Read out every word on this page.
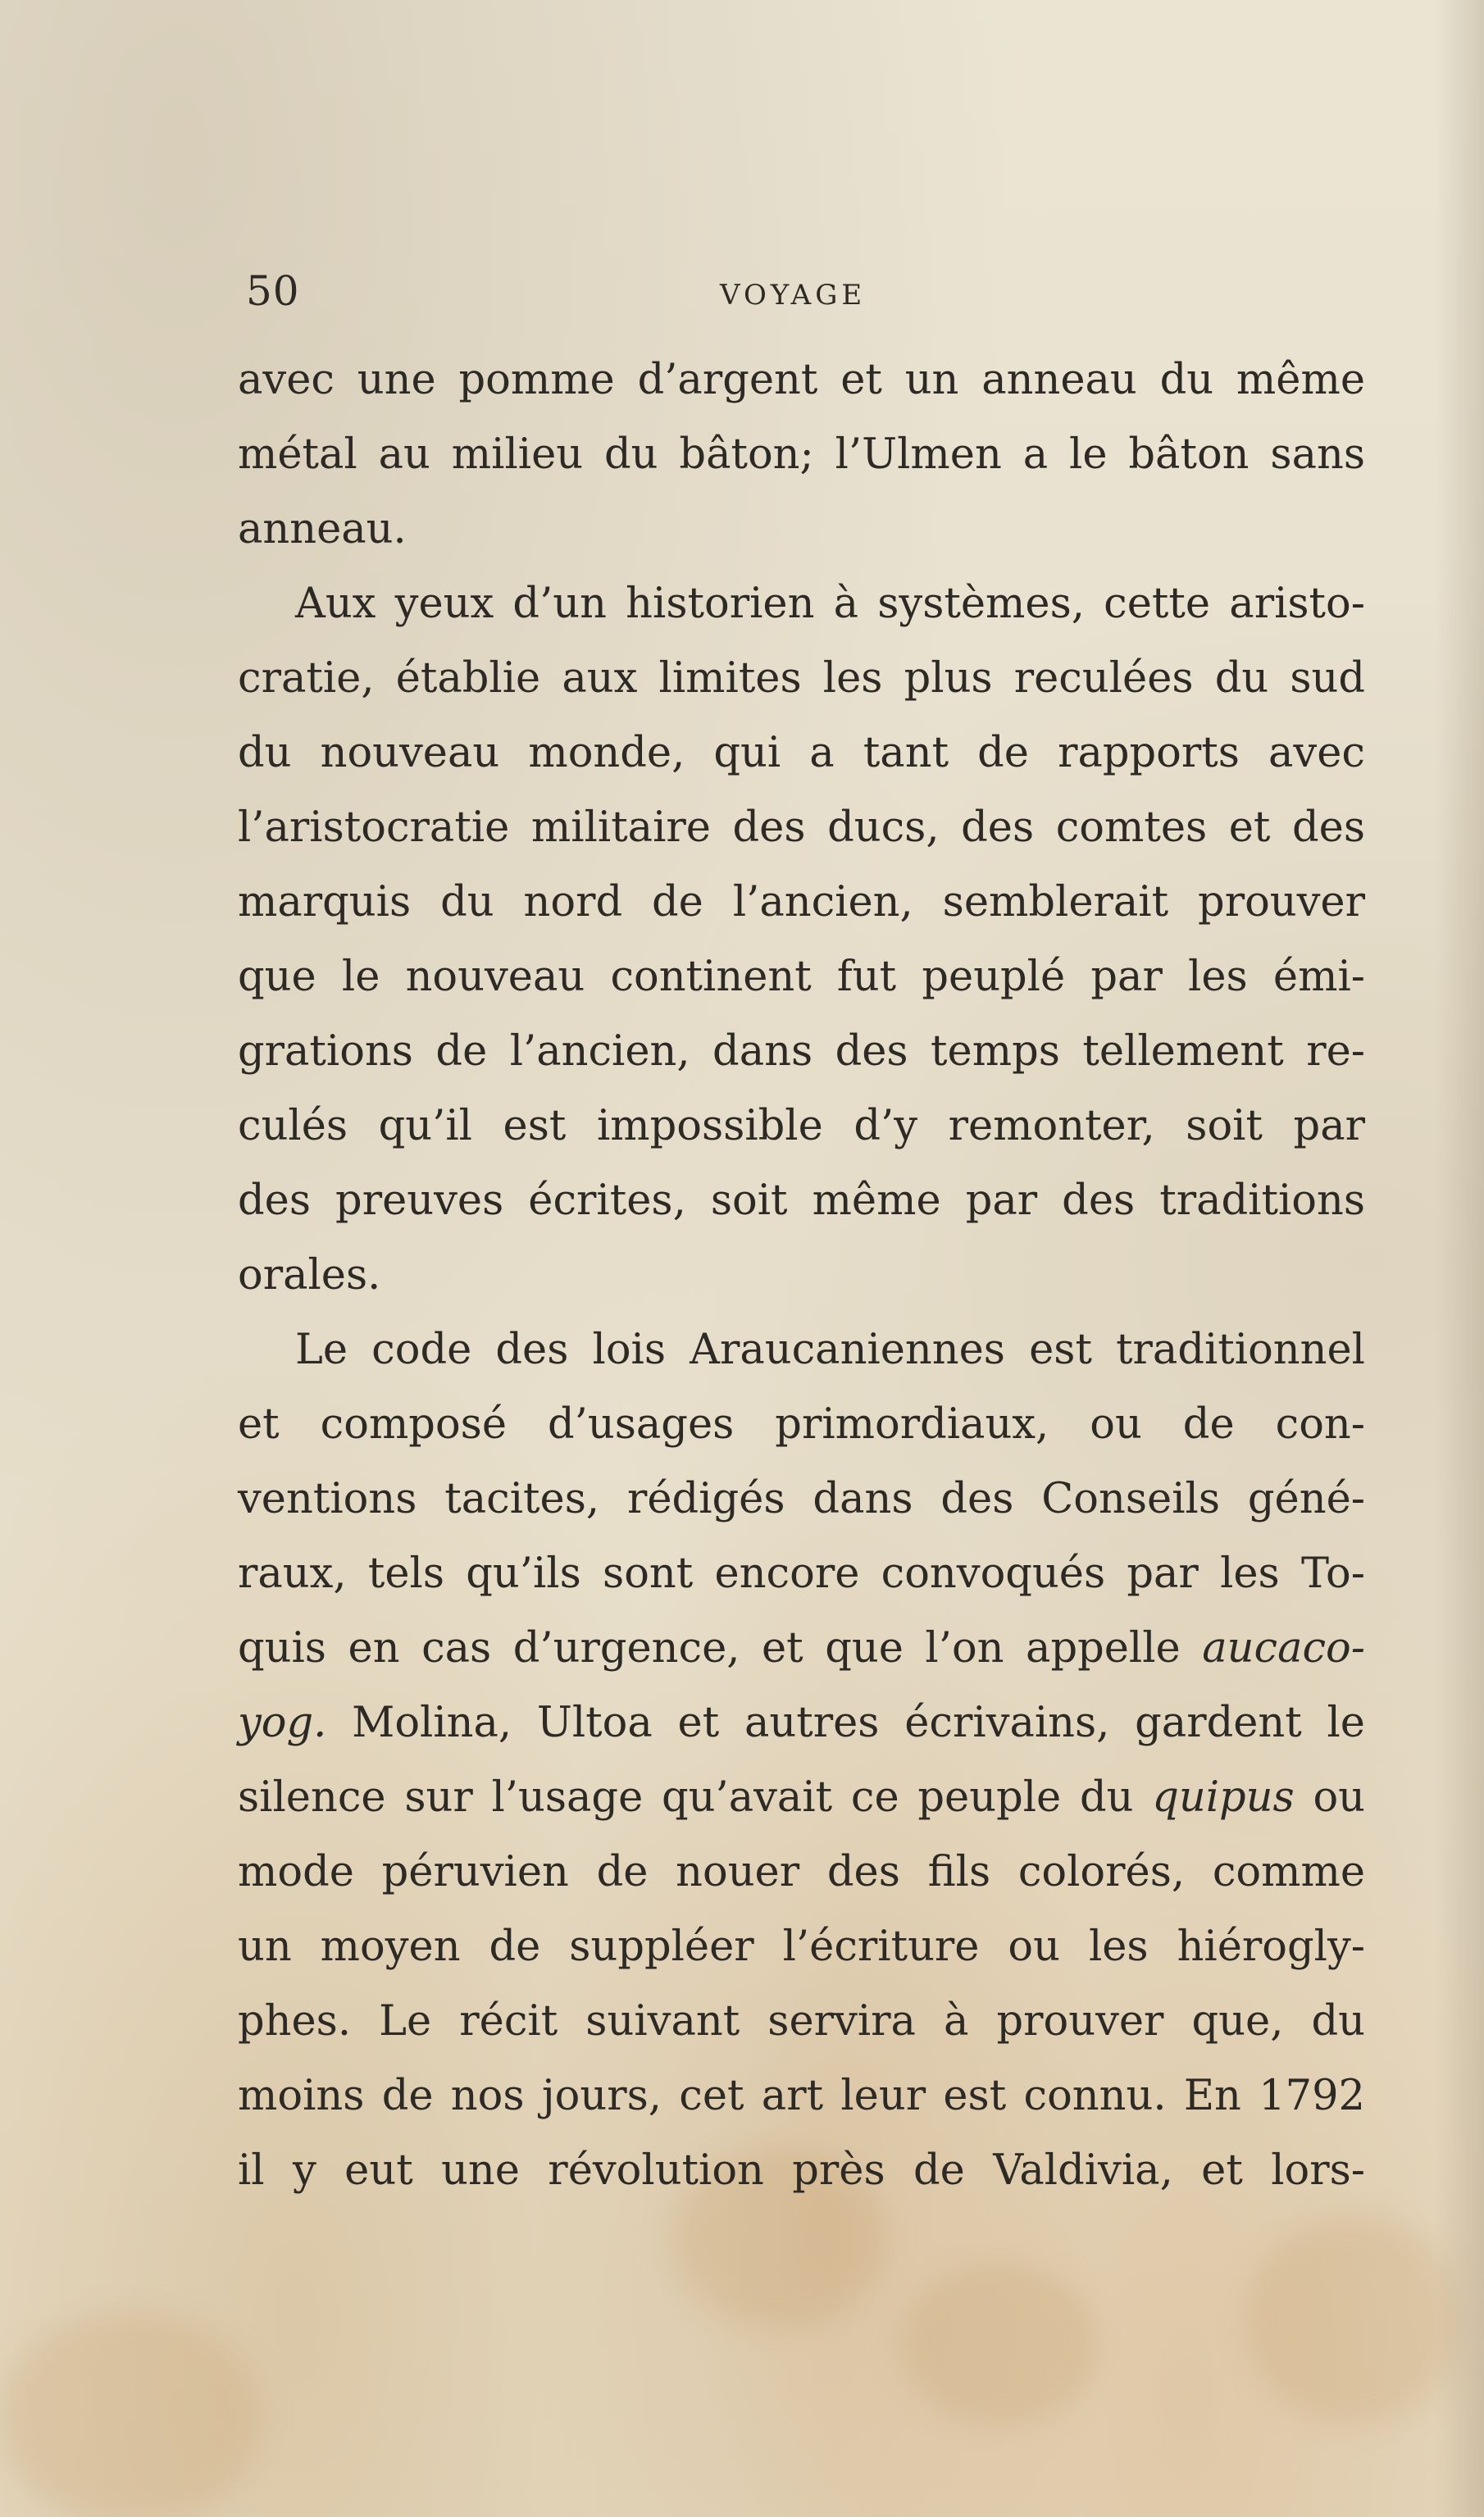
50	VOYAGE
avec une pomme d’argent et un anneau du même
métal au milieu du bâton; l’Ulmen a le bâton sans
anneau.
Aux yeux d’un historien à systèmes, cette aristo-
cratie, établie aux limites les plus reculées du sud
du nouveau monde, qui a tant de rapports avec
l’aristocratie militaire des ducs, des comtes et des
marquis du nord de l’ancien, semblerait prouver
que le nouveau continent fut peuplé par les émi-
grations de l’ancien, dans des temps tellement re-
culés qu’il est impossible d’y remonter, soit par
des preuves écrites, soit même par des traditions
orales.
Le code des lois Araucaniennes est traditionnel
et composé d’usages primordiaux, ou de con-
ventions tacites, rédigés dans des Conseils géné-
raux, tels qu’ils sont encore convoqués par les To-
quis en cas d’urgence, et que l’on appelle aucaco-
yog. Molina, Ultoa et autres écrivains, gardent le
silence sur l’usage qu’avait ce peuple du quipus ou
mode péruvien de nouer des fils colorés, comme
un moyen de suppléer l’écriture ou les hiérogly-
phes. Le récit suivant servira à prouver que, du
moins de nos jours, cet art leur est connu. En 1792
il y eut une révolution près de Valdivia, et lors-
